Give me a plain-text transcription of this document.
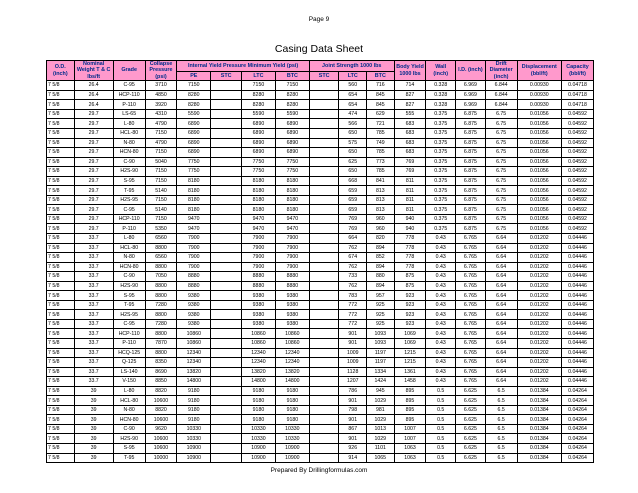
Page 9
Casing Data Sheet
O.D. (inch)	Nominal Weight T & C lbs/ft	Grade	Collapse Pressure (psi)	Internal Yield Pressure Minimum Yield (psi)				Joint Strength 1000 lbs			Body Yield 1000 lbs	Wall (inch)	I.D. (inch)	Drift Diameter (inch)	Displacement (bbl/ft)	Capacity (bbl/ft)
				PE	STC	LTC	BTC	STC	LTC	BTC						
7 5/8	26.4	C-95	3710	7150		7150	7150		560	716	714	0.328	6.969	6.844	0.00930	0.04718
7 5/8	26.4	HCP-110	4850	8280		8280	8280		654	845	827	0.328	6.969	6.844	0.00930	0.04718
7 5/8	26.4	P-110	3920	8280		8280	8280		654	845	827	0.328	6.969	6.844	0.00930	0.04718
7 5/8	29.7	LS-65	4310	5590		5590	5590		474	629	555	0.375	6.875	6.75	0.01056	0.04592
7 5/8	29.7	L-80	4790	6890		6890	6890		566	721	683	0.375	6.875	6.75	0.01056	0.04592
7 5/8	29.7	HCL-80	7150	6890		6890	6890		650	785	683	0.375	6.875	6.75	0.01056	0.04592
7 5/8	29.7	N-80	4790	6890		6890	6890		575	749	683	0.375	6.875	6.75	0.01056	0.04592
7 5/8	29.7	HCN-80	7150	6890		6890	6890		650	785	683	0.375	6.875	6.75	0.01056	0.04592
7 5/8	29.7	C-90	5040	7750		7750	7750		625	773	769	0.375	6.875	6.75	0.01056	0.04592
7 5/8	29.7	H2S-90	7150	7750		7750	7750		650	785	769	0.375	6.875	6.75	0.01056	0.04592
7 5/8	29.7	S-95	7150	8180		8180	8180		668	841	811	0.375	6.875	6.75	0.01056	0.04592
7 5/8	29.7	T-95	5140	8180		8180	8180		659	813	811	0.375	6.875	6.75	0.01056	0.04592
7 5/8	29.7	H2S-95	7150	8180		8180	8180		659	813	811	0.375	6.875	6.75	0.01056	0.04592
7 5/8	29.7	C-95	5140	8180		8180	8180		659	813	811	0.375	6.875	6.75	0.01056	0.04592
7 5/8	29.7	HCP-110	7150	9470		9470	9470		769	960	940	0.375	6.875	6.75	0.01056	0.04592
7 5/8	29.7	P-110	5350	9470		9470	9470		769	960	940	0.375	6.875	6.75	0.01056	0.04592
7 5/8	33.7	L-80	6560	7900		7900	7900		664	820	778	0.43	6.765	6.64	0.01202	0.04446
7 5/8	33.7	HCL-80	8800	7900		7900	7900		762	894	778	0.43	6.765	6.64	0.01202	0.04446
7 5/8	33.7	N-80	6560	7900		7900	7900		674	852	778	0.43	6.765	6.64	0.01202	0.04446
7 5/8	33.7	HCN-80	8800	7900		7900	7900		762	894	778	0.43	6.765	6.64	0.01202	0.04446
7 5/8	33.7	C-90	7050	8880		8880	8880		733	880	875	0.43	6.765	6.64	0.01202	0.04446
7 5/8	33.7	H2S-90	8800	8880		8880	8880		762	894	875	0.43	6.765	6.64	0.01202	0.04446
7 5/8	33.7	S-95	8800	9380		9380	9380		783	957	923	0.43	6.765	6.64	0.01202	0.04446
7 5/8	33.7	T-95	7280	9380		9380	9380		772	925	923	0.43	6.765	6.64	0.01202	0.04446
7 5/8	33.7	H2S-95	8800	9380		9380	9380		772	925	923	0.43	6.765	6.64	0.01202	0.04446
7 5/8	33.7	C-95	7280	9380		9380	9380		772	925	923	0.43	6.765	6.64	0.01202	0.04446
7 5/8	33.7	HCP-110	8800	10860		10860	10860		901	1093	1069	0.43	6.765	6.64	0.01202	0.04446
7 5/8	33.7	P-110	7870	10860		10860	10860		901	1093	1069	0.43	6.765	6.64	0.01202	0.04446
7 5/8	33.7	HCQ-125	8800	12340		12340	12340		1009	1197	1215	0.43	6.765	6.64	0.01202	0.04446
7 5/8	33.7	Q-125	8350	12340		12340	12340		1009	1197	1215	0.43	6.765	6.64	0.01202	0.04446
7 5/8	33.7	LS-140	8690	13820		13820	13820		1128	1334	1361	0.43	6.765	6.64	0.01202	0.04446
7 5/8	33.7	V-150	8850	14800		14800	14800		1207	1424	1458	0.43	6.765	6.64	0.01202	0.04446
7 5/8	39	L-80	8820	9180		9180	9180		786	945	895	0.5	6.625	6.5	0.01384	0.04264
7 5/8	39	HCL-80	10600	9180		9180	9180		901	1029	895	0.5	6.625	6.5	0.01384	0.04264
7 5/8	39	N-80	8820	9180		9180	9180		798	981	895	0.5	6.625	6.5	0.01384	0.04264
7 5/8	39	HCN-80	10600	9180		9180	9180		901	1029	895	0.5	6.625	6.5	0.01384	0.04264
7 5/8	39	C-90	9620	10330		10330	10330		867	1013	1007	0.5	6.625	6.5	0.01384	0.04264
7 5/8	39	H2S-90	10600	10330		10330	10330		901	1029	1007	0.5	6.625	6.5	0.01384	0.04264
7 5/8	39	S-95	10600	10900		10900	10900		926	1101	1063	0.5	6.625	6.5	0.01384	0.04264
7 5/8	39	T-95	10000	10900		10900	10900		914	1065	1063	0.5	6.625	6.5	0.01384	0.04264
Prepared By Drillingformulas.com
